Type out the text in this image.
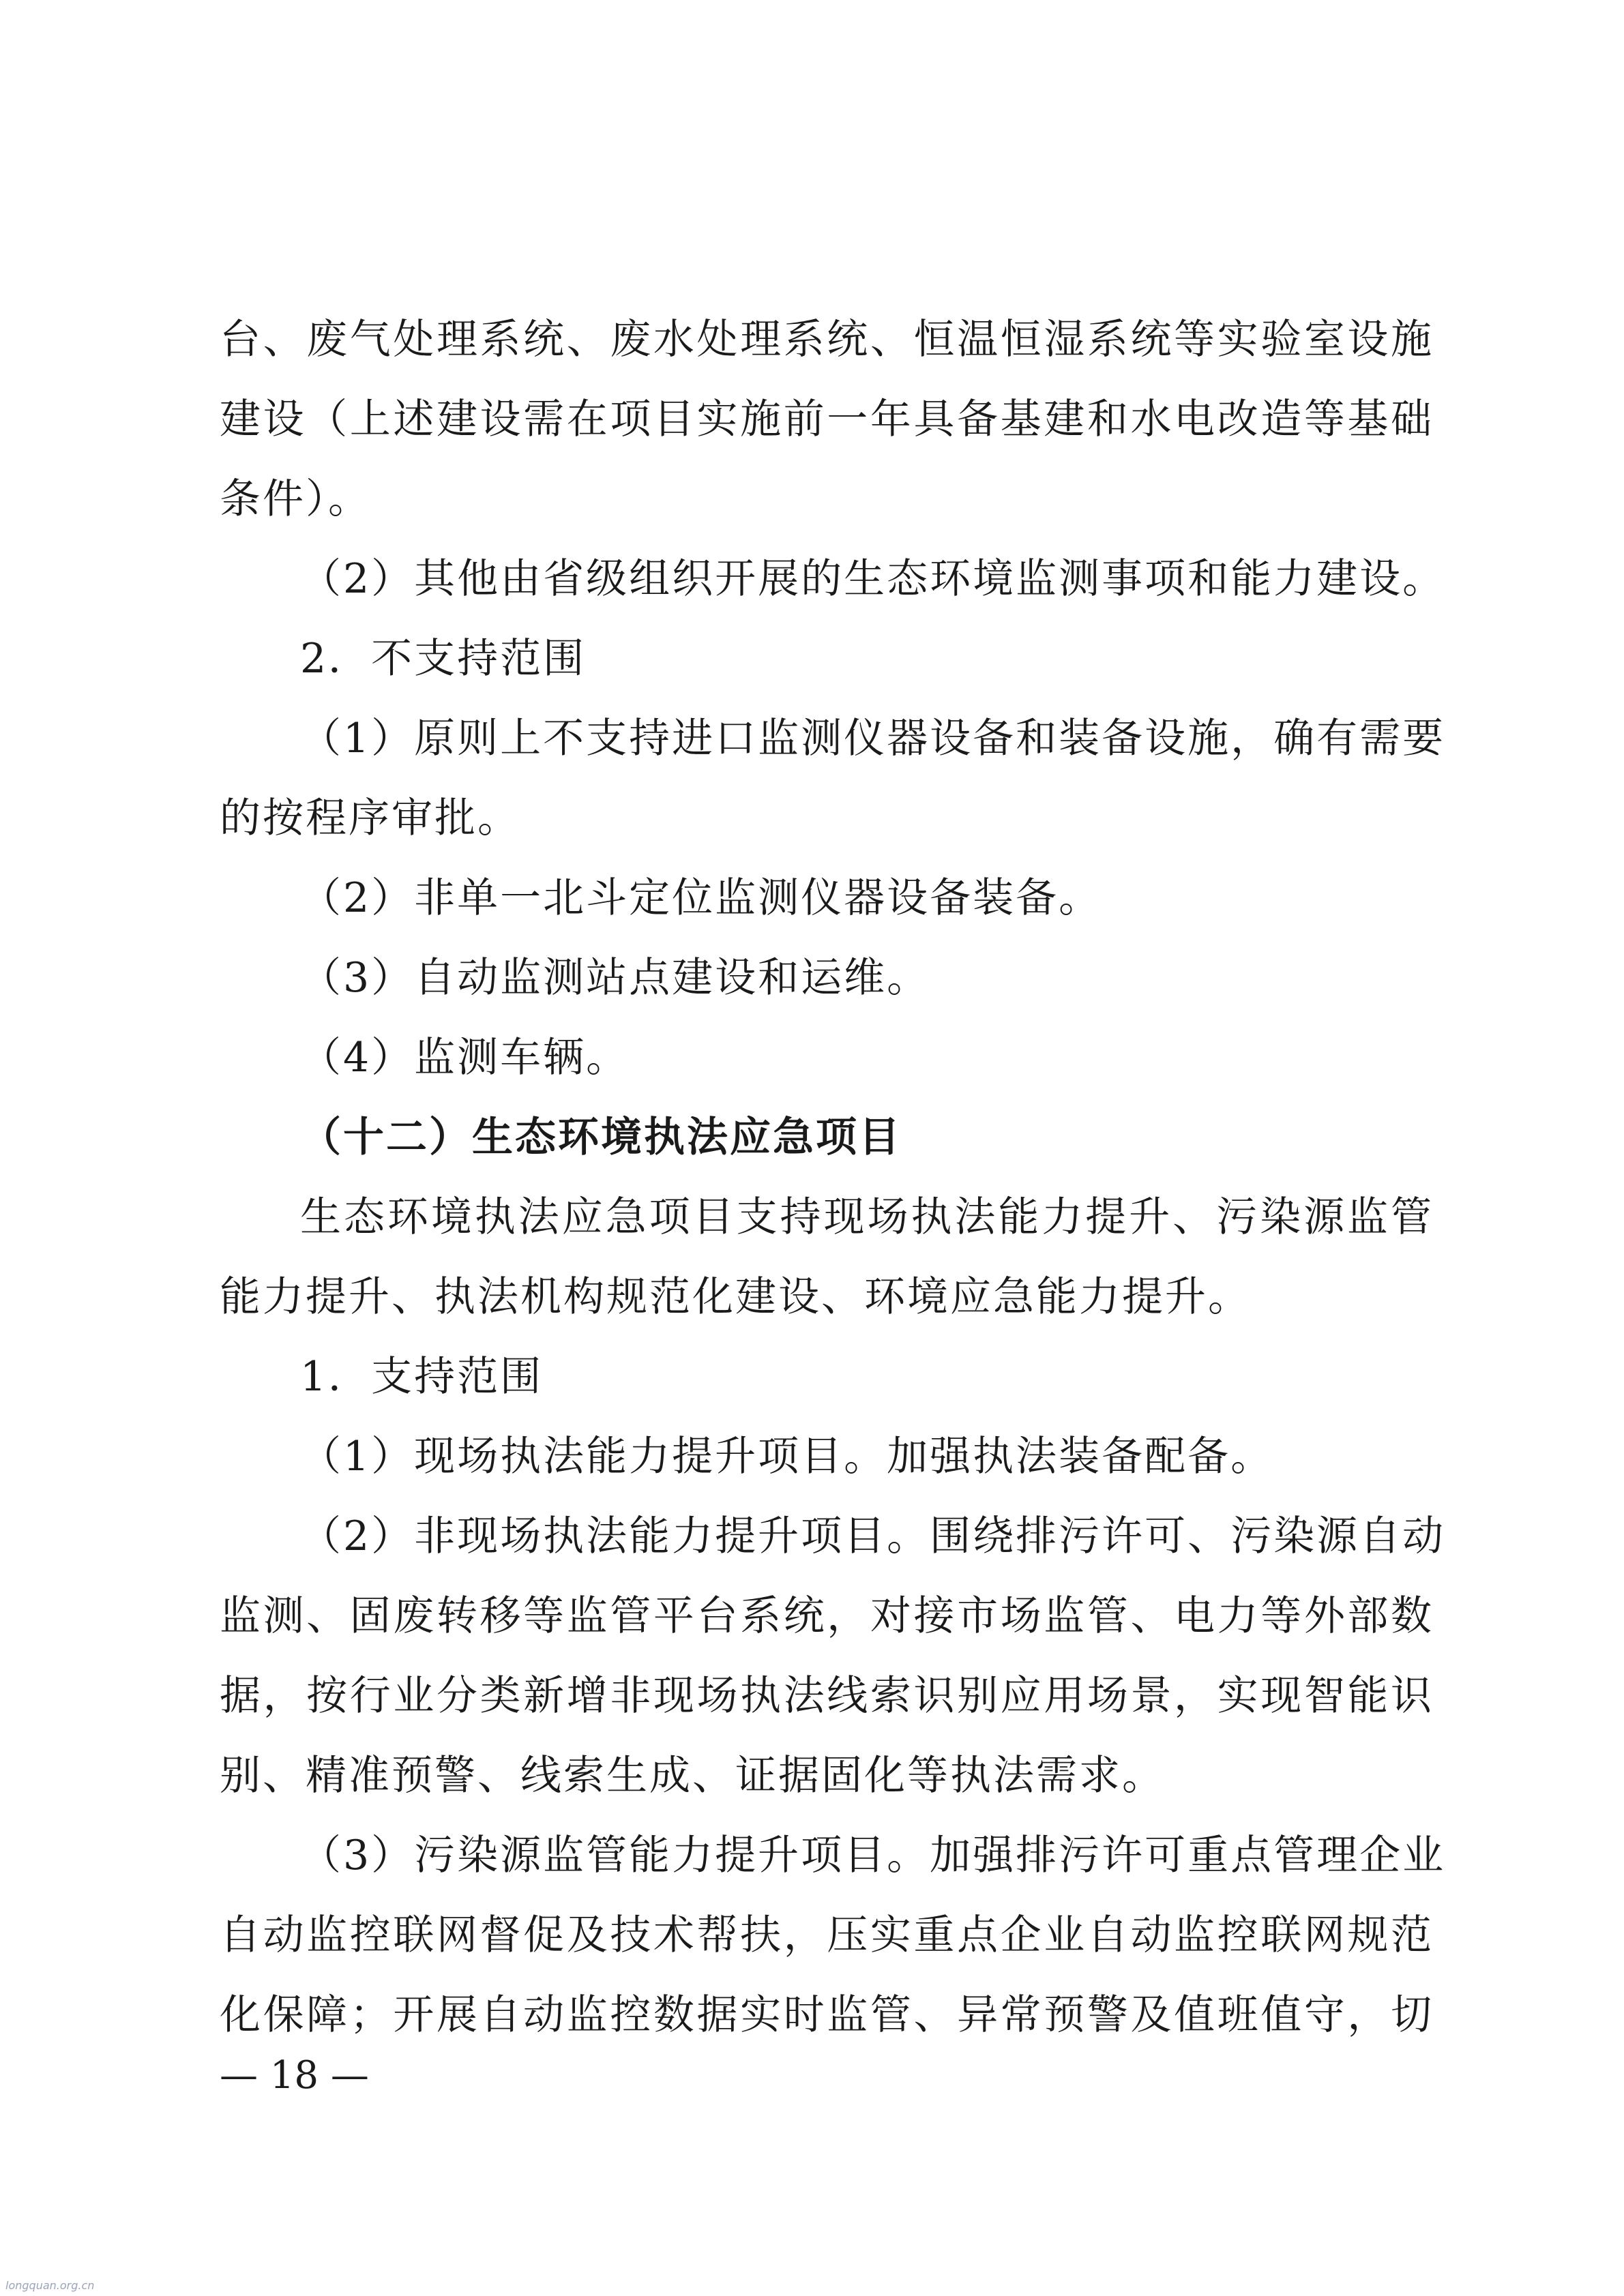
台、废气处理系统、废水处理系统、恒温恒湿系统等实验室设施
建设（上述建设需在项目实施前一年具备基建和水电改造等基础
条件）。
（2）其他由省级组织开展的生态环境监测事项和能力建设。
2．不支持范围
（1）原则上不支持进口监测仪器设备和装备设施，确有需要
的按程序审批。
（2）非单一北斗定位监测仪器设备装备。
（3）自动监测站点建设和运维。
（4）监测车辆。
（十二）生态环境执法应急项目
生态环境执法应急项目支持现场执法能力提升、污染源监管
能力提升、执法机构规范化建设、环境应急能力提升。
1．支持范围
（1）现场执法能力提升项目。加强执法装备配备。
（2）非现场执法能力提升项目。围绕排污许可、污染源自动
监测、固废转移等监管平台系统，对接市场监管、电力等外部数
据，按行业分类新增非现场执法线索识别应用场景，实现智能识
别、精准预警、线索生成、证据固化等执法需求。
（3）污染源监管能力提升项目。加强排污许可重点管理企业
自动监控联网督促及技术帮扶，压实重点企业自动监控联网规范
化保障；开展自动监控数据实时监管、异常预警及值班值守，切
— 18 —
longquan.org.cn
